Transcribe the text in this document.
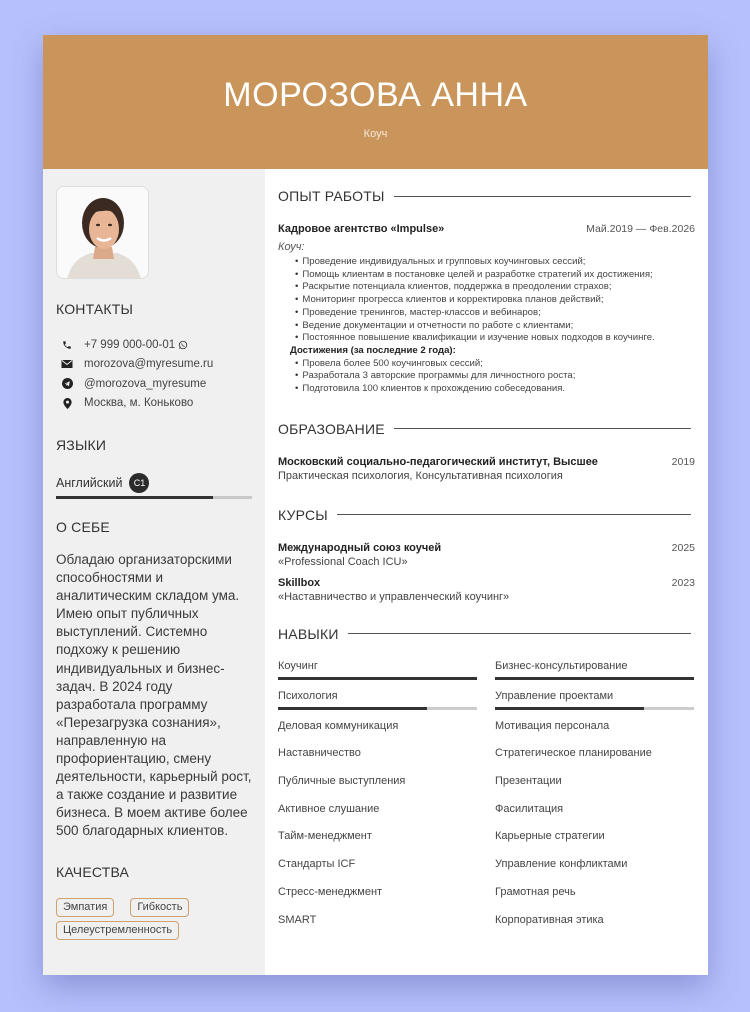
МОРОЗОВА АННА
Коуч
КОНТАКТЫ
+7 999 000-00-01
morozova@myresume.ru
@morozova_myresume
Москва, м. Коньково
ЯЗЫКИ
Английский	C1
О СЕБЕ
Обладаю организаторскими способностями и аналитическим складом ума. Имею опыт публичных выступлений. Системно подхожу к решению индивидуальных и бизнес-задач. В 2024 году разработала программу «Перезагрузка сознания», направленную на профориентацию, смену деятельности, карьерный рост, а также создание и развитие бизнеса. В моем активе более 500 благодарных клиентов.
КАЧЕСТВА
Эмпатия	Гибкость
Целеустремленность
ОПЫТ РАБОТЫ
Кадровое агентство «Impulse»	Май.2019 — Фев.2026
Коуч:
• Проведение индивидуальных и групповых коучинговых сессий;
• Помощь клиентам в постановке целей и разработке стратегий их достижения;
• Раскрытие потенциала клиентов, поддержка в преодолении страхов;
• Мониторинг прогресса клиентов и корректировка планов действий;
• Проведение тренингов, мастер-классов и вебинаров;
• Ведение документации и отчетности по работе с клиентами;
• Постоянное повышение квалификации и изучение новых подходов в коучинге.
Достижения (за последние 2 года):
• Провела более 500 коучинговых сессий;
• Разработала 3 авторские программы для личностного роста;
• Подготовила 100 клиентов к прохождению собеседования.
ОБРАЗОВАНИЕ
Московский социально-педагогический институт, Высшее	2019
Практическая психология, Консультативная психология
КУРСЫ
Международный союз коучей	2025
«Professional Coach ICU»
Skillbox	2023
«Наставничество и управленческий коучинг»
НАВЫКИ
Коучинг	Бизнес-консультирование
Психология	Управление проектами
Деловая коммуникация	Мотивация персонала
Наставничество	Стратегическое планирование
Публичные выступления	Презентации
Активное слушание	Фасилитация
Тайм-менеджмент	Карьерные стратегии
Стандарты ICF	Управление конфликтами
Стресс-менеджмент	Грамотная речь
SMART	Корпоративная этика
